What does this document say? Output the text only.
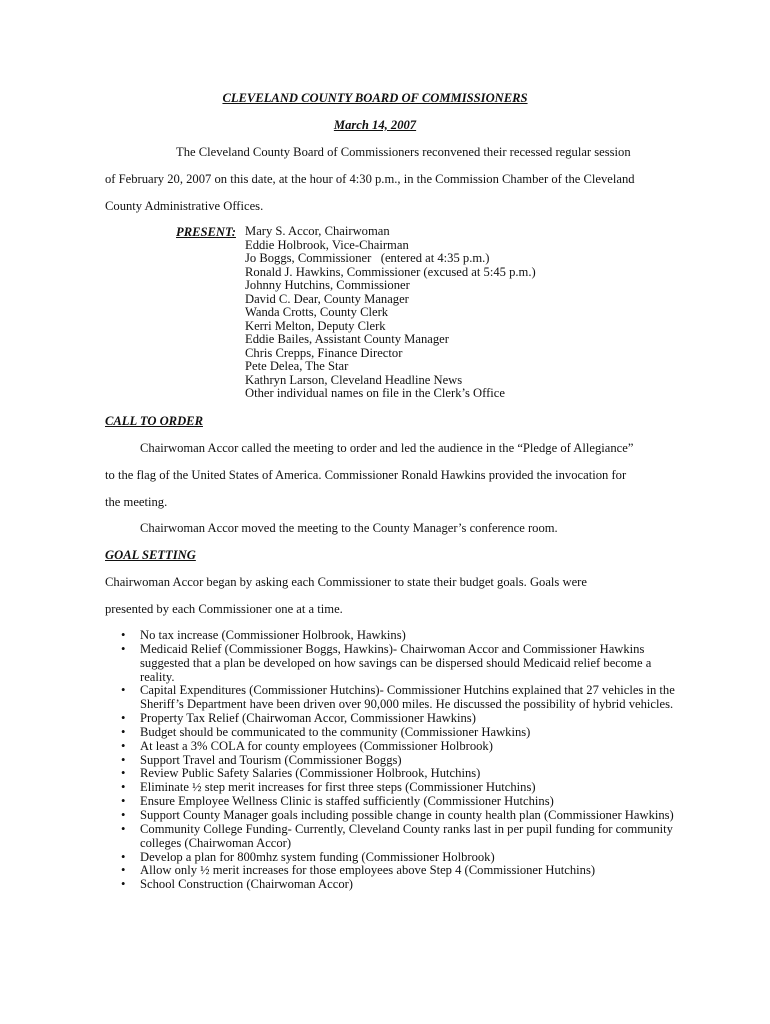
CLEVELAND COUNTY BOARD OF COMMISSIONERS
March 14, 2007
The Cleveland County Board of Commissioners reconvened their recessed regular session
of February 20, 2007 on this date, at the hour of 4:30 p.m., in the Commission Chamber of the Cleveland
County Administrative Offices.
PRESENT: Mary S. Accor, Chairwoman
Eddie Holbrook, Vice-Chairman
Jo Boggs, Commissioner   (entered at 4:35 p.m.)
Ronald J. Hawkins, Commissioner (excused at 5:45 p.m.)
Johnny Hutchins, Commissioner
David C. Dear, County Manager
Wanda Crotts, County Clerk
Kerri Melton, Deputy Clerk
Eddie Bailes, Assistant County Manager
Chris Crepps, Finance Director
Pete Delea, The Star
Kathryn Larson, Cleveland Headline News
Other individual names on file in the Clerk’s Office
CALL TO ORDER
Chairwoman Accor called the meeting to order and led the audience in the “Pledge of Allegiance”
to the flag of the United States of America. Commissioner Ronald Hawkins provided the invocation for
the meeting.
Chairwoman Accor moved the meeting to the County Manager’s conference room.
GOAL SETTING
Chairwoman Accor began by asking each Commissioner to state their budget goals. Goals were
presented by each Commissioner one at a time.
• No tax increase (Commissioner Holbrook, Hawkins)
• Medicaid Relief (Commissioner Boggs, Hawkins)- Chairwoman Accor and Commissioner Hawkins suggested that a plan be developed on how savings can be dispersed should Medicaid relief become a reality.
• Capital Expenditures (Commissioner Hutchins)- Commissioner Hutchins explained that 27 vehicles in the Sheriff’s Department have been driven over 90,000 miles. He discussed the possibility of hybrid vehicles.
• Property Tax Relief (Chairwoman Accor, Commissioner Hawkins)
• Budget should be communicated to the community (Commissioner Hawkins)
• At least a 3% COLA for county employees (Commissioner Holbrook)
• Support Travel and Tourism (Commissioner Boggs)
• Review Public Safety Salaries (Commissioner Holbrook, Hutchins)
• Eliminate ½ step merit increases for first three steps (Commissioner Hutchins)
• Ensure Employee Wellness Clinic is staffed sufficiently (Commissioner Hutchins)
• Support County Manager goals including possible change in county health plan (Commissioner Hawkins)
• Community College Funding- Currently, Cleveland County ranks last in per pupil funding for community colleges (Chairwoman Accor)
• Develop a plan for 800mhz system funding (Commissioner Holbrook)
• Allow only ½ merit increases for those employees above Step 4 (Commissioner Hutchins)
• School Construction (Chairwoman Accor)
